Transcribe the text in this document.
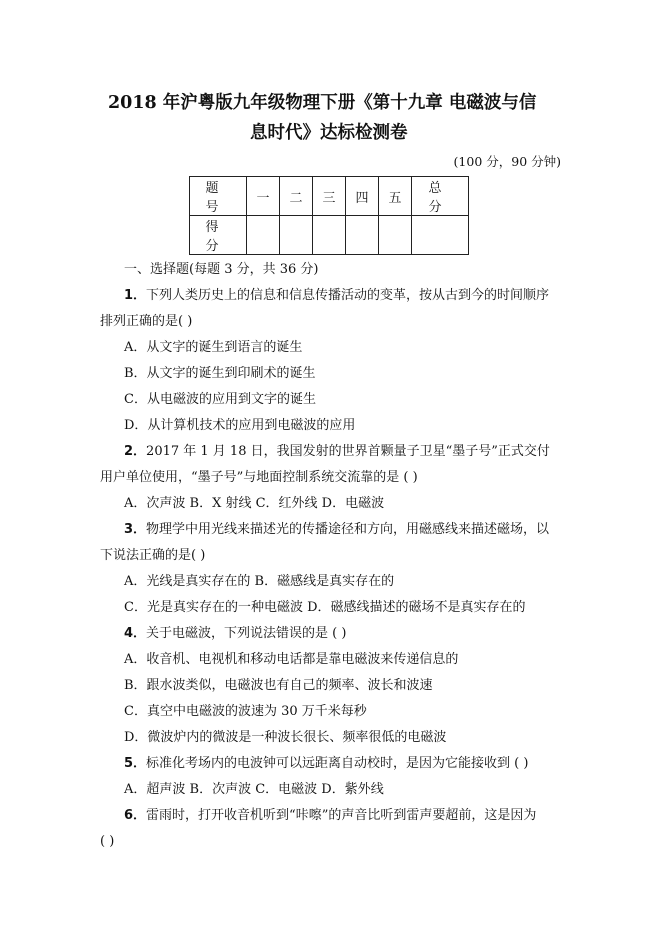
2018 年沪粤版九年级物理下册《第十九章 电磁波与信
息时代》达标检测卷
(100 分，90 分钟)
题 号	一	二	三	四	五	总 分
得 分						
一、选择题(每题 3 分，共 36 分)
1．下列人类历史上的信息和信息传播活动的变革，按从古到今的时间顺序
排列正确的是( )
A．从文字的诞生到语言的诞生
B．从文字的诞生到印刷术的诞生
C．从电磁波的应用到文字的诞生
D．从计算机技术的应用到电磁波的应用
2．2017 年 1 月 18 日，我国发射的世界首颗量子卫星“墨子号”正式交付
用户单位使用，“墨子号”与地面控制系统交流靠的是 ( )
A．次声波 B．X 射线 C．红外线 D．电磁波
3．物理学中用光线来描述光的传播途径和方向，用磁感线来描述磁场，以
下说法正确的是( )
A．光线是真实存在的 B．磁感线是真实存在的
C．光是真实存在的一种电磁波 D．磁感线描述的磁场不是真实存在的
4．关于电磁波，下列说法错误的是 ( )
A．收音机、电视机和移动电话都是靠电磁波来传递信息的
B．跟水波类似，电磁波也有自己的频率、波长和波速
C．真空中电磁波的波速为 30 万千米每秒
D．微波炉内的微波是一种波长很长、频率很低的电磁波
5．标准化考场内的电波钟可以远距离自动校时，是因为它能接收到 ( )
A．超声波 B．次声波 C．电磁波 D．紫外线
6．雷雨时，打开收音机听到“咔嚓”的声音比听到雷声要超前，这是因为
( )
